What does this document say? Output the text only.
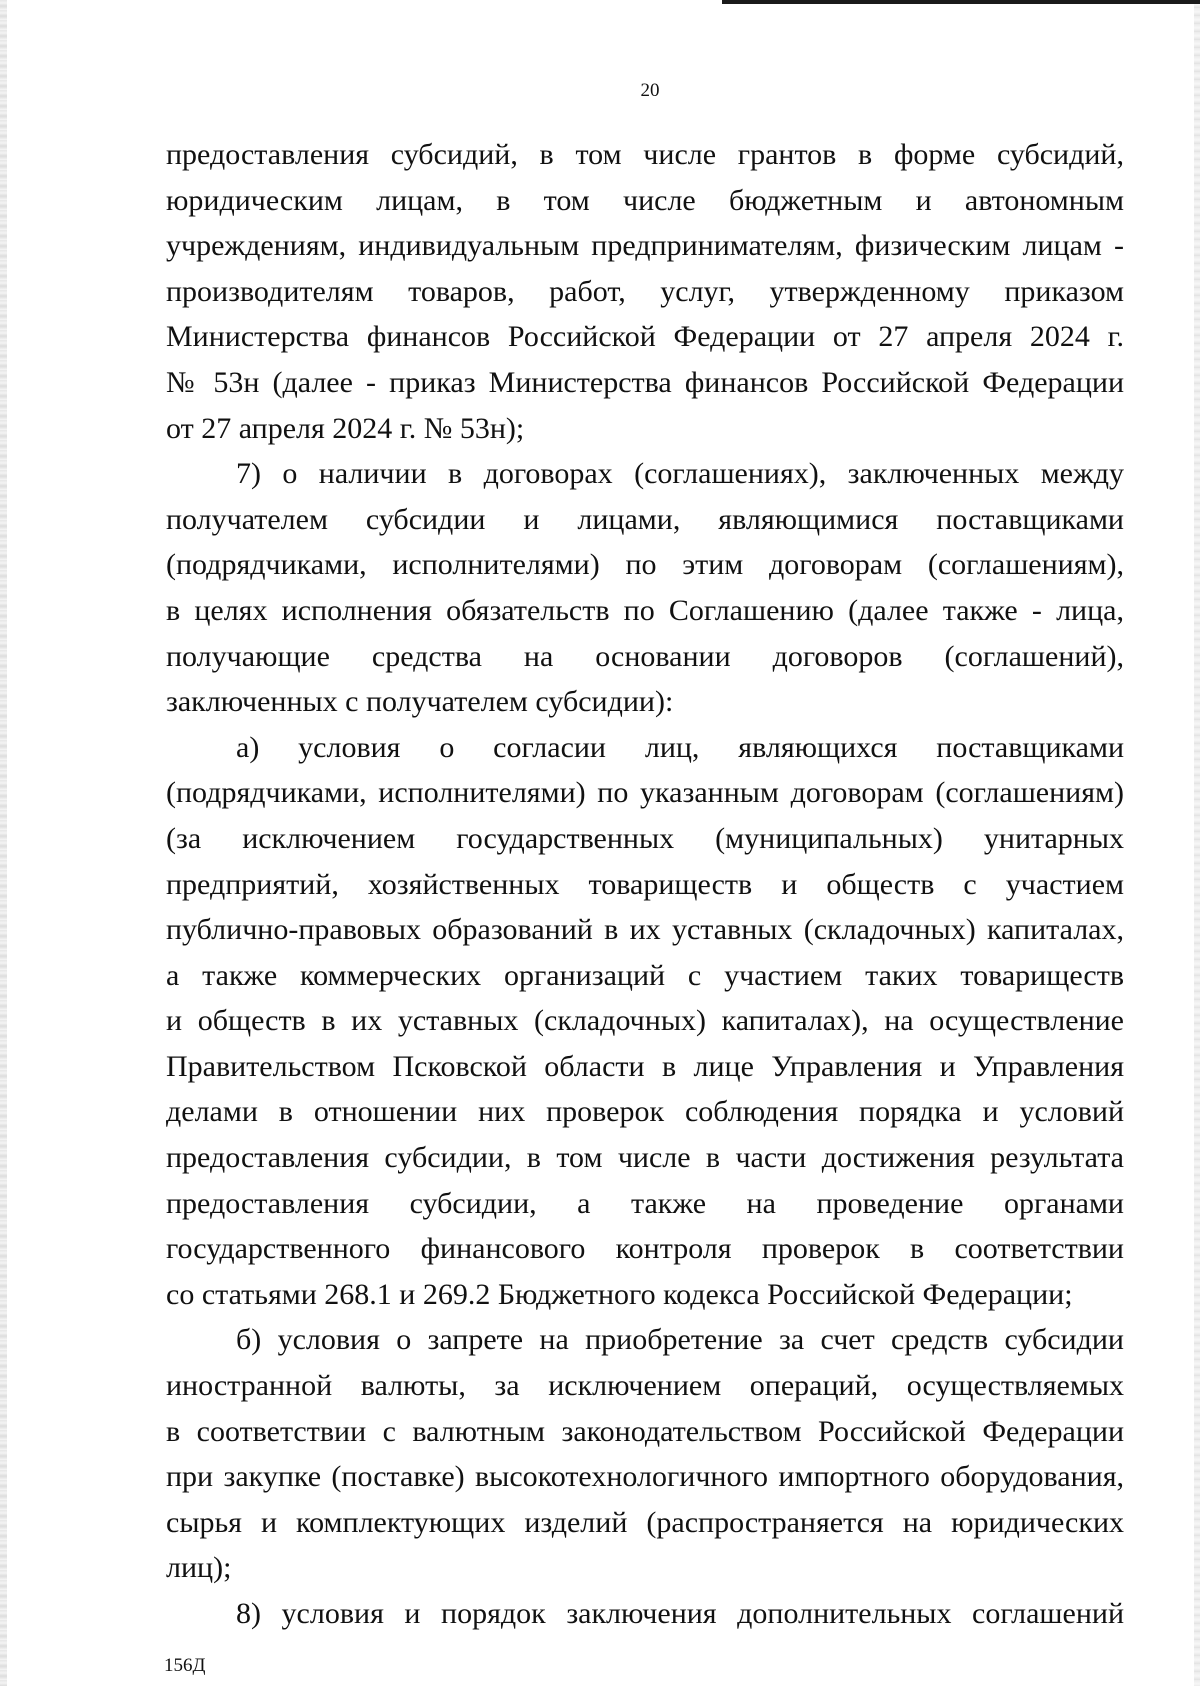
20
предоставления субсидий, в том числе грантов в форме субсидий,
юридическим лицам, в том числе бюджетным и автономным
учреждениям, индивидуальным предпринимателям, физическим лицам -
производителям товаров, работ, услуг, утвержденному приказом
Министерства финансов Российской Федерации от 27 апреля 2024 г.
№ 53н (далее - приказ Министерства финансов Российской Федерации
от 27 апреля 2024 г. № 53н);
7) о наличии в договорах (соглашениях), заключенных между
получателем субсидии и лицами, являющимися поставщиками
(подрядчиками, исполнителями) по этим договорам (соглашениям),
в целях исполнения обязательств по Соглашению (далее также - лица,
получающие средства на основании договоров (соглашений),
заключенных с получателем субсидии):
а) условия о согласии лиц, являющихся поставщиками
(подрядчиками, исполнителями) по указанным договорам (соглашениям)
(за исключением государственных (муниципальных) унитарных
предприятий, хозяйственных товариществ и обществ с участием
публично-правовых образований в их уставных (складочных) капиталах,
а также коммерческих организаций с участием таких товариществ
и обществ в их уставных (складочных) капиталах), на осуществление
Правительством Псковской области в лице Управления и Управления
делами в отношении них проверок соблюдения порядка и условий
предоставления субсидии, в том числе в части достижения результата
предоставления субсидии, а также на проведение органами
государственного финансового контроля проверок в соответствии
со статьями 268.1 и 269.2 Бюджетного кодекса Российской Федерации;
б) условия о запрете на приобретение за счет средств субсидии
иностранной валюты, за исключением операций, осуществляемых
в соответствии с валютным законодательством Российской Федерации
при закупке (поставке) высокотехнологичного импортного оборудования,
сырья и комплектующих изделий (распространяется на юридических
лиц);
8) условия и порядок заключения дополнительных соглашений
156Д
